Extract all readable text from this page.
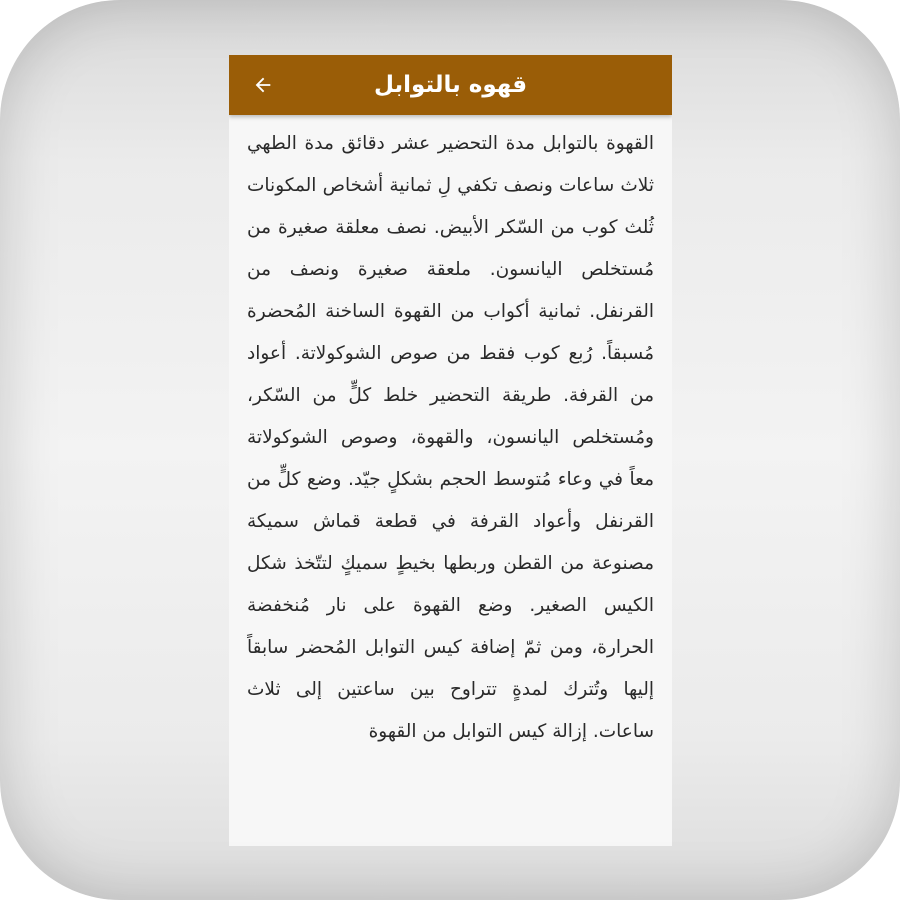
قهوه بالتوابل

القهوة بالتوابل مدة التحضير عشر دقائق مدة الطهي ثلاث ساعات ونصف تكفي لِ ثمانية أشخاص المكونات ثُلث كوب من السّكر الأبيض. نصف معلقة صغيرة من مُستخلص اليانسون. ملعقة صغيرة ونصف من القرنفل. ثمانية أكواب من القهوة الساخنة المُحضرة مُسبقاً. رُبع كوب فقط من صوص الشوكولاتة. أعواد من القرفة. طريقة التحضير خلط كلٍّ من السّكر، ومُستخلص اليانسون، والقهوة، وصوص الشوكولاتة معاً في وعاء مُتوسط الحجم بشكلٍ جيّد. وضع كلٍّ من القرنفل وأعواد القرفة في قطعة قماش سميكة مصنوعة من القطن وربطها بخيطٍ سميكٍ لتتّخذ شكل الكيس الصغير. وضع القهوة على نار مُنخفضة الحرارة، ومن ثمّ إضافة كيس التوابل المُحضر سابقاً إليها وتُترك لمدةٍ تتراوح بين ساعتين إلى ثلاث ساعات. إزالة كيس التوابل من القهوة
